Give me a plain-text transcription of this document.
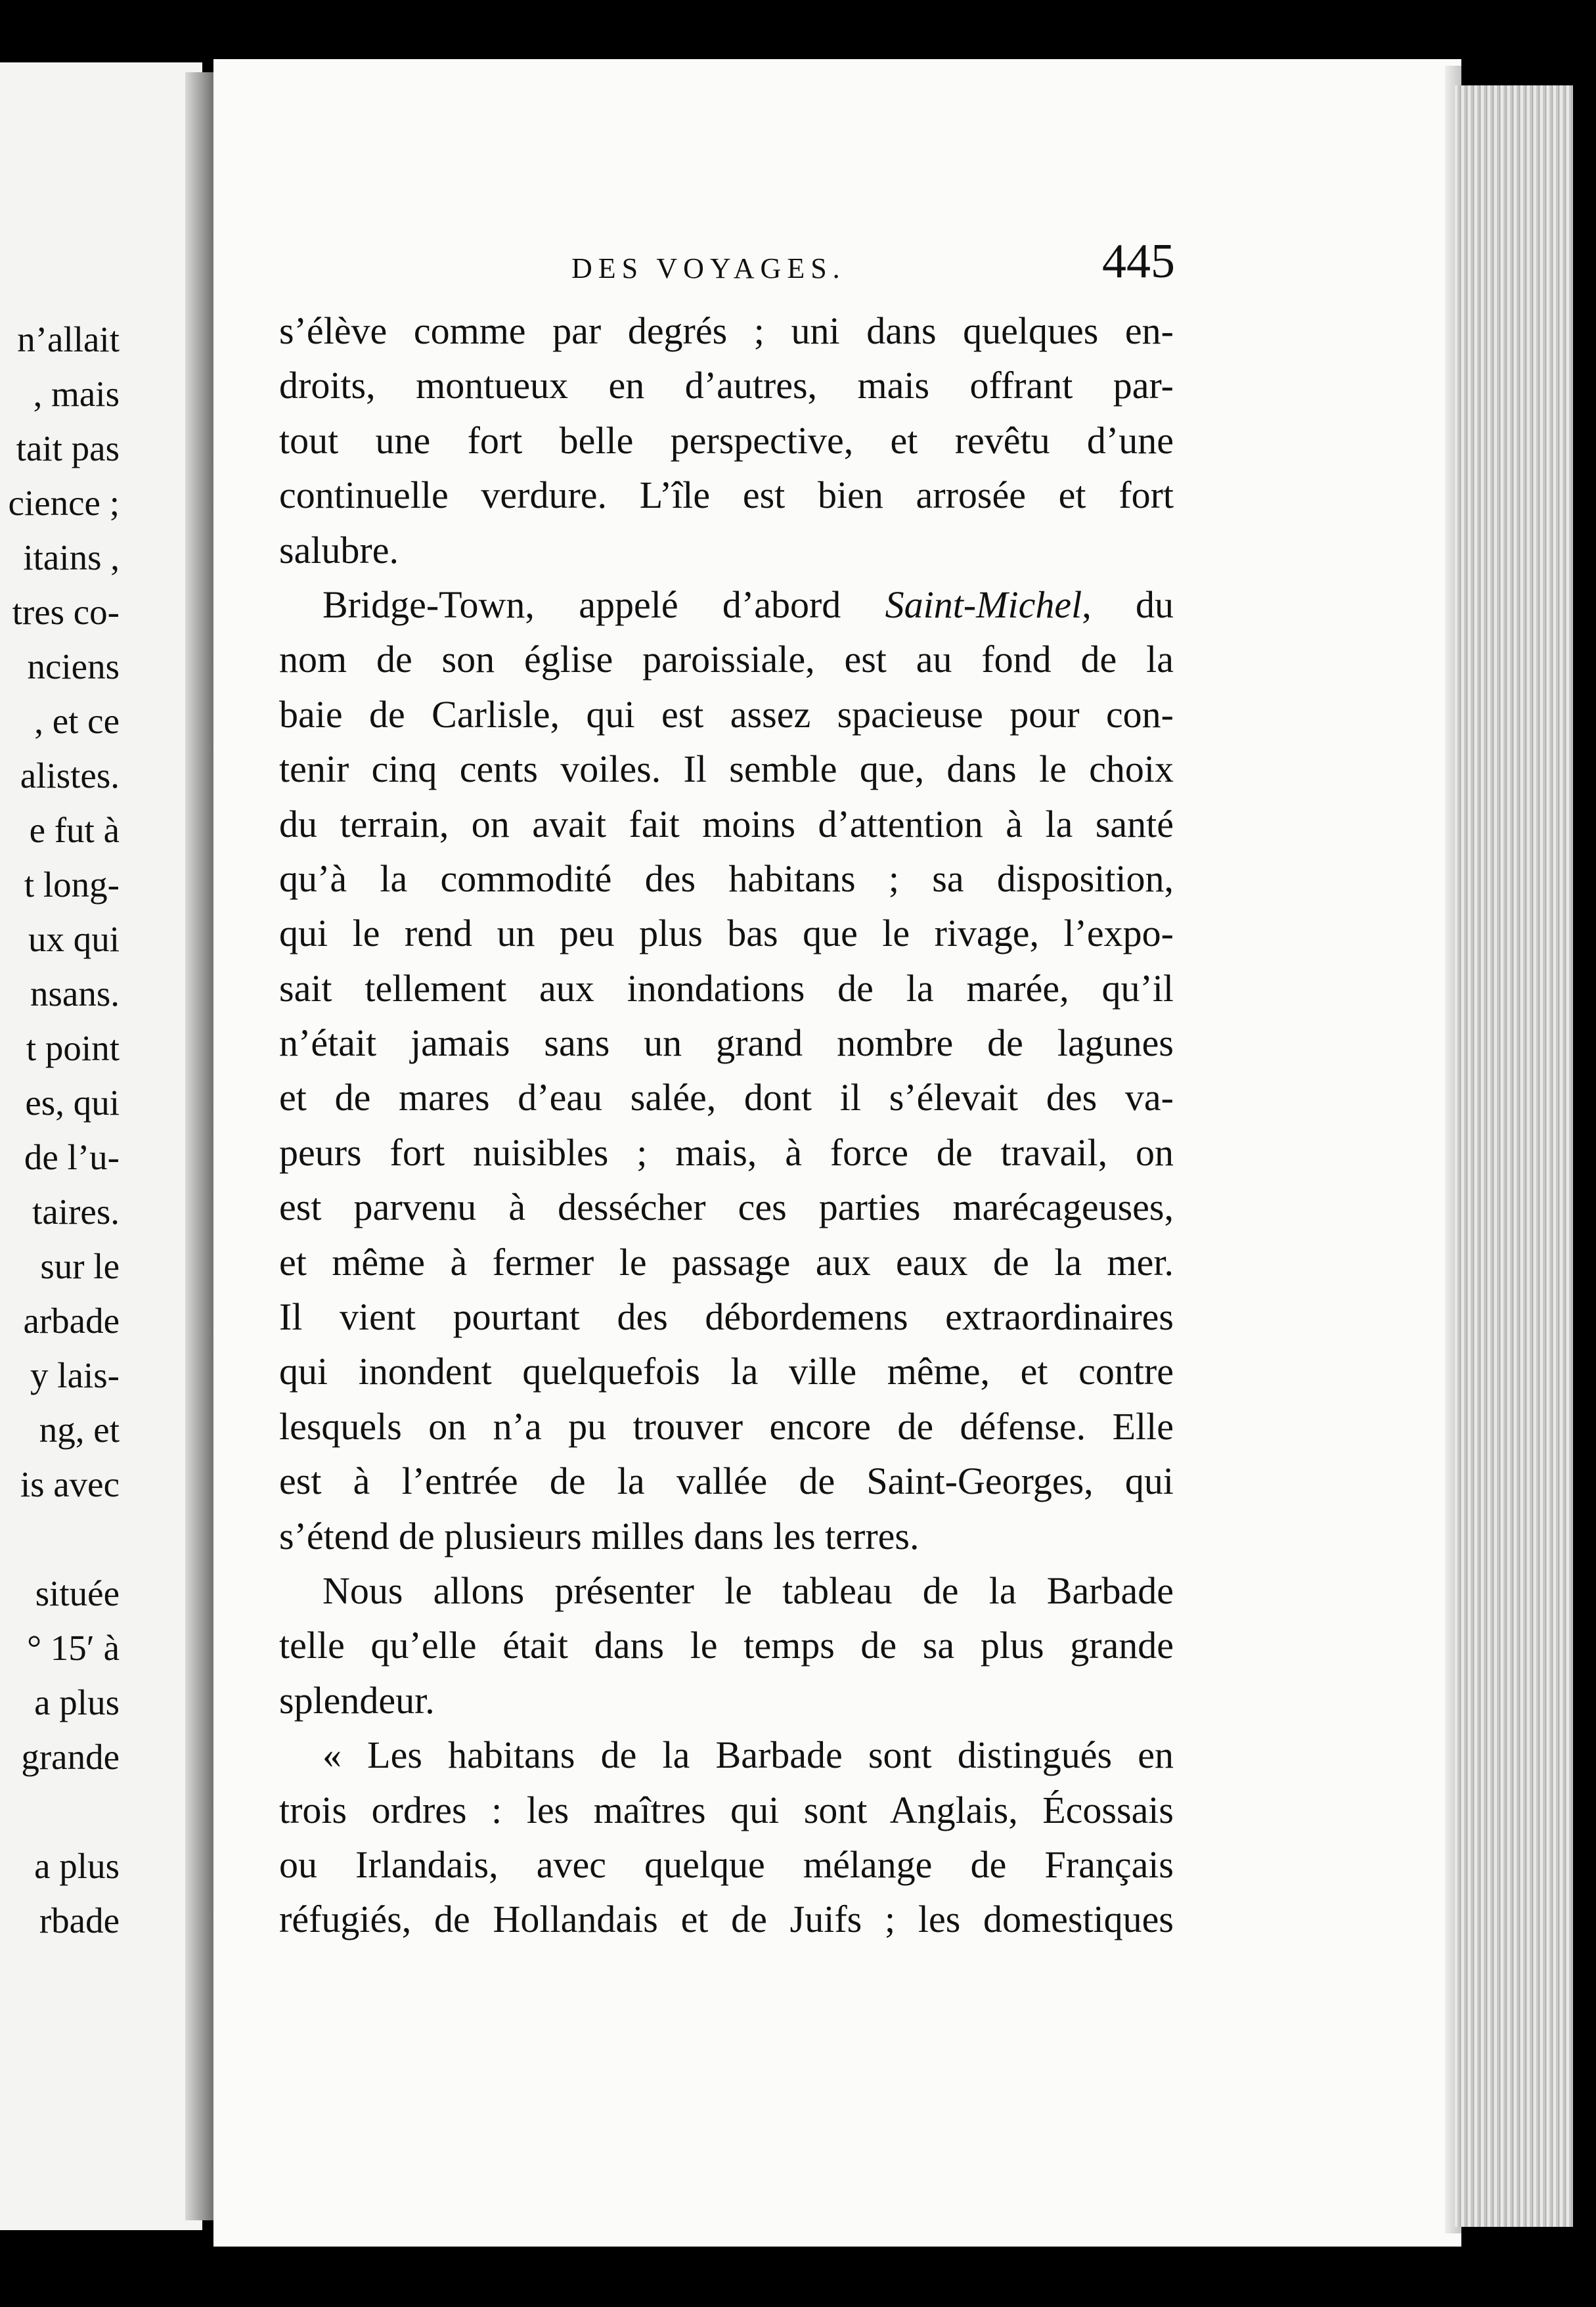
n’allait
, mais
tait pas
cience ;
itains ,
tres co-
nciens
, et ce
alistes.
e fut à
t long-
ux qui
nsans.
t point
es, qui
de l’u-
taires.
sur le
arbade
y lais-
ng, et
is avec
située
° 15′ à
a plus
grande
a plus
rbade
DES VOYAGES.	445
s’élève comme par degrés ; uni dans quelques en-
droits, montueux en d’autres, mais offrant par-
tout une fort belle perspective, et revêtu d’une
continuelle verdure. L’île est bien arrosée et fort
salubre.
Bridge-Town, appelé d’abord Saint-Michel, du
nom de son église paroissiale, est au fond de la
baie de Carlisle, qui est assez spacieuse pour con-
tenir cinq cents voiles. Il semble que, dans le choix
du terrain, on avait fait moins d’attention à la santé
qu’à la commodité des habitans ; sa disposition,
qui le rend un peu plus bas que le rivage, l’expo-
sait tellement aux inondations de la marée, qu’il
n’était jamais sans un grand nombre de lagunes
et de mares d’eau salée, dont il s’élevait des va-
peurs fort nuisibles ; mais, à force de travail, on
est parvenu à dessécher ces parties marécageuses,
et même à fermer le passage aux eaux de la mer.
Il vient pourtant des débordemens extraordinaires
qui inondent quelquefois la ville même, et contre
lesquels on n’a pu trouver encore de défense. Elle
est à l’entrée de la vallée de Saint-Georges, qui
s’étend de plusieurs milles dans les terres.
Nous allons présenter le tableau de la Barbade
telle qu’elle était dans le temps de sa plus grande
splendeur.
« Les habitans de la Barbade sont distingués en
trois ordres : les maîtres qui sont Anglais, Écossais
ou Irlandais, avec quelque mélange de Français
réfugiés, de Hollandais et de Juifs ; les domestiques
